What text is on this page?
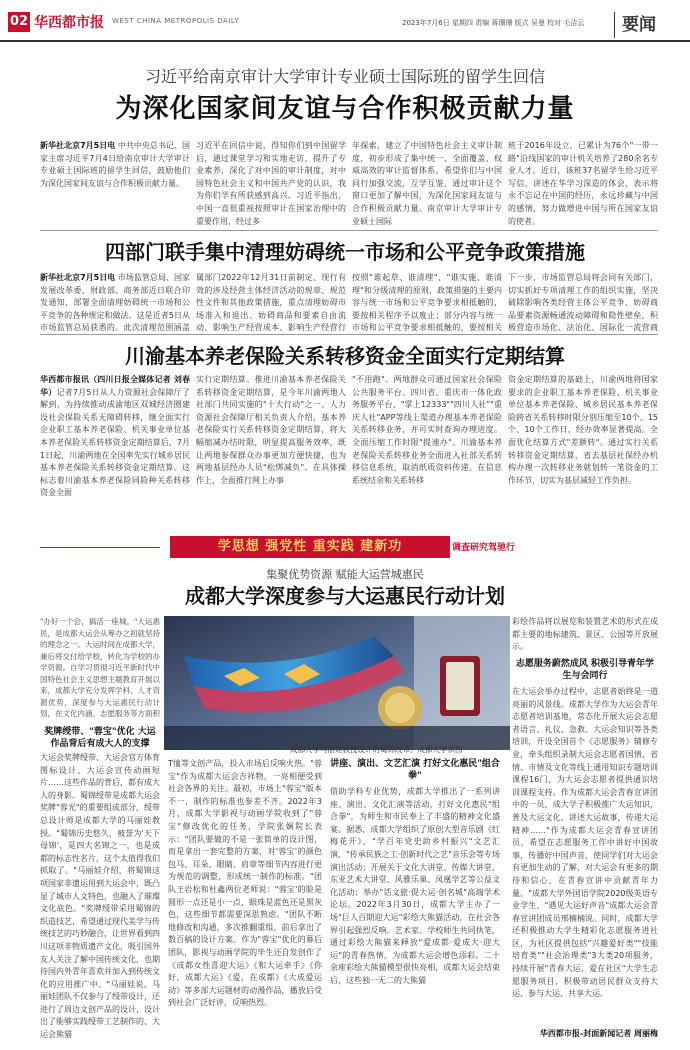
02 华西都市报 WEST CHINA METROPOLIS DAILY	2023年7月6日 星期四 责编 蒋珊珊 版式 吴曼 校对 毛洁云 要闻
习近平给南京审计大学审计专业硕士国际班的留学生回信
为深化国家间友谊与合作积极贡献力量
新华社北京7月5日电 中共中央总书记、国家主席习近平7月4日给南京审计大学审计专业硕士国际班的留学生回信，鼓励他们为深化国家间友谊与合作积极贡献力量。
习近平在回信中说，得知你们到中国留学后，通过课堂学习和实地走访，提升了专业素养，深化了对中国的审计制度，对中国特色社会主义和中国共产党的认识，我为你们学有所获感到高兴。习近平指出，中国一直很重视按照审计在国家治理中的重要作用，经过多
年探索，建立了中国特色社会主义审计制度，初步形成了集中统一、全面覆盖、权威高效的审计监督体系。希望你们与中国同行加强交流，互学互鉴，通过审计这个窗口更加了解中国，为深化国家间友谊与合作积极贡献力量。南京审计大学审计专业硕士国际
班于2016年设立，已累计为76个"一带一路"沿线国家的审计机关培养了280余名专业人才。近日，该班37名留学生给习近平写信，讲述在华学习深造的体会，表示将永不忘记在中国的经历，永远珍藏与中国的感情，努力做增进中国与所在国家友谊的使者。
四部门联手集中清理妨碍统一市场和公平竞争政策措施
新华社北京7月5日电 市场监管总局、国家发展改革委、财政部、商务部近日联合印发通知，部署全面清理妨碍统一市场和公平竞争的各种规定和做法。这是近者5日从市场监管总局获悉的。此次清理范围涵盖
属部门2022年12月31日前制定、现行有效的涉及经营主体经济活动的规章、规范性文件和其他政策措施，重点清理妨碍市场准入和退出、妨碍商品和要素自由流动、影响生产经营成本、影响生产经营行
按照"谁起草、谁清理"、"谁实施、谁清理"和分级清理的原则，政策措施的主要内容与统一市场和公平竞争要求相抵触的，要按相关程序予以废止；部分内容与统一市场和公平竞争要求相抵触的，要按相关
下一步，市场监管总局将会同有关部门，切实抓好专项清理工作的组织实施，坚决破除影响各类经营主体公平竞争、妨碍商品要素资源畅通流动障碍和隐性壁垒，积极营造市场化、法治化、国际化一流营商
川渝基本养老保险关系转移资金全面实行定期结算
华西都市报讯（四川日报全媒体记者 刘春华）记者7月5日从人力资源社会保障厅了解到，为持续推动成渝地区双城经济圈建设社会保险关系无障碍转移，继全面实行企业职工基本养老保险、机关事业单位基本养老保险关系转移资金定期结算后，7月1日起，川渝两地在全国率先实行城乡居民基本养老保险关系转移资金定期结算。这标志着川渝基本养老保险同险种关系转移资金全面
实行定期结算。推进川渝基本养老保险关系转移资金定期结算，是今年川渝两地人社部门共同实施的"十大行动"之一。人力资源社会保障厅相关负责人介绍，基本养老保险实行关系转移资金定期结算，将大幅缩减办结时限，明显提高服务效率，既让两地参保群众办事更加方便快捷，也为两地基层经办人员"松绑减负"。在具体操作上，全面推行网上办事
"不用跑"。两地群众可通过国家社会保险公共服务平台、四川省、重庆市一体化政务服务平台、"掌上12333""四川人社""重庆人社"APP等线上渠道办理基本养老保险关系转移业务，并可实时查询办理进度。全面压缩工作时限"提速办"。川渝基本养老保险关系转移业务全面进入社部关系转移信息系统，取消纸质资料传递。在信息系统结余和关系转移
资金定期结算的基础上，川渝两地将国家要求的企业职工基本养老保险、机关事业单位基本养老保险、城乡居民基本养老保险跨省关系转移时限分别压缩至10个、15个、10个工作日，经办效率显著提高。全面优化结算方式"差额转"。通过实行关系转移资金定期结算，省去基层社保经办机构办理一次转移业务就划转一笔资金的工作环节，切实为基层减轻工作负担。
学思想 强党性 重实践 建新功	调查研究驾驰行
集聚优势资源 赋能大运营城惠民
成都大学深度参与大运惠民行动计划
成都大学马丽娃教授设计的蜀锦绶带。成都大学供图
"办好一个会，搞活一座城。"大运惠民，是成都大运会从筹办之初就坚持的理念之一。大运时间在成都大学，兼后将交付给学校，转化为学校的办学资源。自学习贯彻习近平新时代中国特色社会主义思想主题教育开展以来，成都大学充分发挥学科、人才资源优势，深度参与大运惠民行动计划，在文化内涵、志愿服务等方面积
奖牌绶带、"蓉宝"优化 大运作品背后有成大人的支撑
大运会奖牌绶带、大运会官方体育图标设计、大运会宣传动画短片……这些作品的背后，都有成大人的身影。蜀锦绶带是成都大运会奖牌"蓉光"的重要组成部分，绶带总设计师是成都大学的马丽娃教授。"蜀锦历史悠久，被誉为'天下母锦'，是四大名锦之一，也是成都的标志性名片，这个太值得我们抓取了。"马丽娃介绍，将蜀锦这项国家非遗运用到大运会中，既凸显了城市人文特色，也融入了璀璨文化底色。"奖牌绶带采用蜀锦的织造技艺，希望通过现代美学与传统技艺的巧妙融合，让世界看到四川这项非物质遗产文化，吸引国外友人关注了解中国传统文化，也期待国内外青年喜欢并加入到传统文化的应用推广中。"马丽娃说。马丽娃团队不仅参与了绶带设计，还进行了周边文创产品的设计，设计出了能够实践绶带工艺制作的、大运会熊猫
T恤等文创产品，投入市场后反响火热。"蓉宝"作为成都大运会吉祥物，一亮相便受到社会各界的关注。最初，市场上"蓉宝"版本不一，制作的标准也参差不齐。2022年3月，成都大学影视与动画学院收到了"蓉宝"修改优化的任务，学院张娴院长表示："团队要做的不是一张简单的设计图，而是拿出一套完整的方案，对'蓉宝'的颜色包马、耳朵、眼睛、肩章等细节内容进行更为规范的调整，形成统一制作的标准。"团队王岩松和杜鑫两位老师说："蓉宝'的脸是圆形一点还是小一点，眼珠是蓝色还是黑灰色，这些细节都需要深思熟虑。"团队不断地修改和沟通，多次推翻重组，前后拿出了数百稿的设计方案。作为"蓉宝"优化的幕后团队，影视与动画学院的毕生还自发创作了《成都女性喜迎大运》《和大运牵手》《你好，成都大运》《爱，在成都》《大成爱运动》等多部大运题材的动漫作品，播放后受到社会广泛好评，反响热烈。
讲座、演出、文艺汇演 打好文化惠民"组合拳"
借助学科专业优势，成都大学推出了一系列讲座、演出、文化汇演等活动，打好文化惠民"组合拳"，为师生和市民奉上了丰盛的精神文化盛宴。据悉，成都大学组织了原创大型音乐剧《红梅花开》、"学百年党史助乡村振兴"文艺汇演、"传承民族之工·创新时代之艺"音乐会等专场演出活动；开展关于文化大讲堂、传媒大讲堂、东亚艺术大讲堂、风雅乐巢、凤凰学艺等公益文化活动；举办"话文旅·促大运·创名城"高端学术论坛。2022年3月30日，成都大学主办了一场"巨人百期迎大运"彩绘大熊猫活动，在社会各界引起强烈反响。艺术家、学校师生共同执笔，通过彩绘大熊猫来释放"爱成都·爱成大·迎大运"的青春热情，为成都大运会增色添彩。二十余座彩绘大熊猫模型很快亮相，成都大运会结束后，这些独一无二的大熊猫
彩绘作品将以展览和装置艺术的形式在成都主要的地标建筑、景区、公园等开放展示。
志愿服务蔚然成风 积极引导青年学生与会同行
在大运会举办过程中，志愿者始终是一道亮丽的风景线。成都大学作为大运会青年志愿者培训基地，常态化开展大运会志愿者语言、礼仪、急救、大运会知识等各类培训，开设全国首个《志愿服务》辅修专业，牵头组织录制大运会志愿者国情、省情、市情及文化等线上通用知识专题培训课程16门，为大运会志愿者提供通识培训课程支持。作为成都大运会青春宣讲团中的一员，成大学子积极推广大运知识，普及大运文化，讲述大运故事，传递大运精神……"作为成都大运会青春宣讲团员，希望在志愿服务工作中讲好中国故事，传播好中国声音，使同学们对大运会有更加生动的了解，对大运会有更多的期待和信心，在青春宣讲中贡献青年力量。"成都大学外国语学院2020级英语专业学生、"遇见大运好声音"成都大运会青春宣讲团成员邢楠楠说。同时，成都大学还积极推动大学生精彩化志愿服务进社区，为社区提供包括"兴趣爱好类""技能培育类""社会治理类"3大类20项服务，持续开展"青春大运，爱在社区"大学生志愿服务项目，积极带动居民群众支持大运、参与大运、共享大运。
华西都市报-封面新闻记者 周丽梅
